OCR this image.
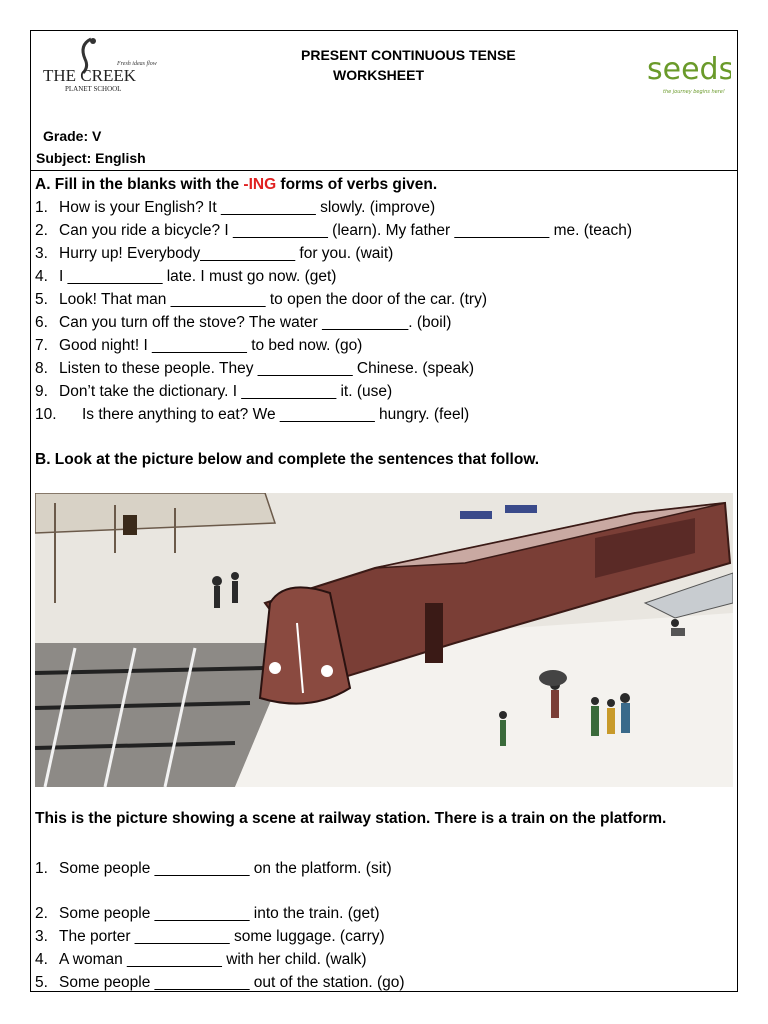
Fresh ideas flow
THE CREEK
PLANET SCHOOL
PRESENT CONTINUOUS TENSE
WORKSHEET	seeds
the journey begins here!
Grade: V
Subject: English
A. Fill in the blanks with the -ING forms of verbs given.
1. How is your English? It ___________ slowly. (improve)
2. Can you ride a bicycle? I ___________ (learn). My father ___________ me. (teach)
3. Hurry up! Everybody___________ for you. (wait)
4. I ___________ late. I must go now. (get)
5. Look! That man ___________ to open the door of the car. (try)
6. Can you turn off the stove? The water __________. (boil)
7. Good night! I ___________ to bed now. (go)
8. Listen to these people. They ___________ Chinese. (speak)
9. Don’t take the dictionary. I ___________ it. (use)
10. Is there anything to eat? We ___________ hungry. (feel)
B. Look at the picture below and complete the sentences that follow.
This is the picture showing a scene at railway station. There is a train on the platform.
1. Some people ___________ on the platform. (sit)
2. Some people ___________ into the train. (get)
3. The porter ___________ some luggage. (carry)
4. A woman ___________ with her child. (walk)
5. Some people ___________ out of the station. (go)
